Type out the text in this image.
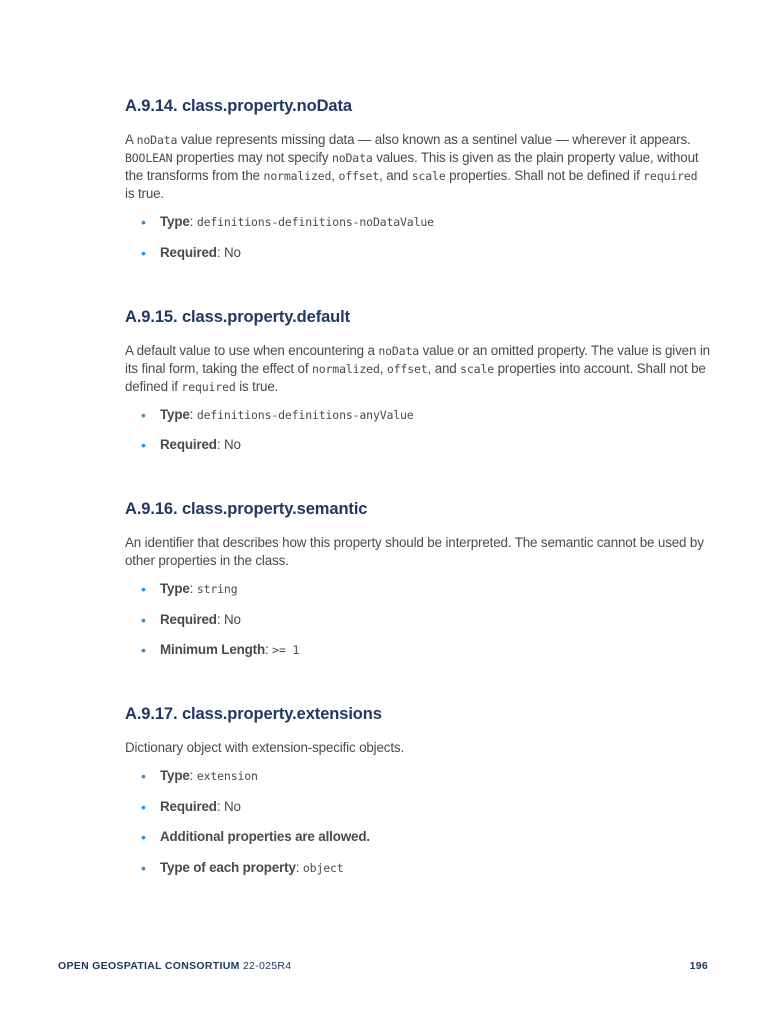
A.9.14. class.property.noData

A noData value represents missing data — also known as a sentinel value — wherever it appears. BOOLEAN properties may not specify noData values. This is given as the plain property value, without the transforms from the normalized, offset, and scale properties. Shall not be defined if required is true.

• Type: definitions-definitions-noDataValue
• Required: No
A.9.15. class.property.default

A default value to use when encountering a noData value or an omitted property. The value is given in its final form, taking the effect of normalized, offset, and scale properties into account. Shall not be defined if required is true.

• Type: definitions-definitions-anyValue
• Required: No
A.9.16. class.property.semantic

An identifier that describes how this property should be interpreted. The semantic cannot be used by other properties in the class.

• Type: string
• Required: No
• Minimum Length: >= 1
A.9.17. class.property.extensions

Dictionary object with extension-specific objects.

• Type: extension
• Required: No
• Additional properties are allowed.
• Type of each property: object
OPEN GEOSPATIAL CONSORTIUM 22-025R4	196
